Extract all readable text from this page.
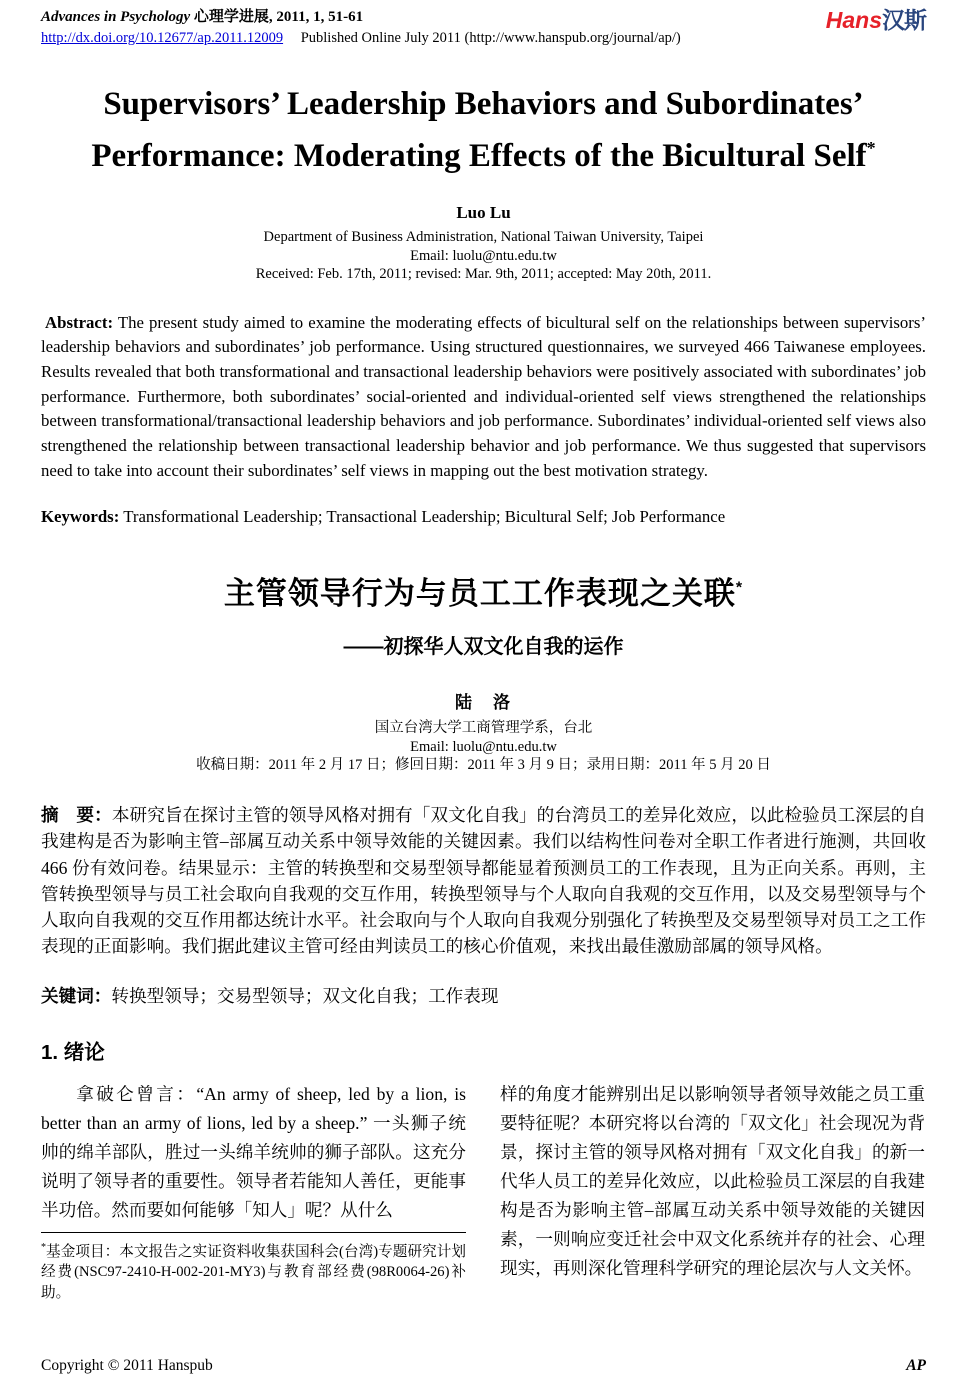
Advances in Psychology 心理学进展, 2011, 1, 51-61
http://dx.doi.org/10.12677/ap.2011.12009 Published Online July 2011 (http://www.hanspub.org/journal/ap/)
Hans汉斯
Supervisors’ Leadership Behaviors and Subordinates’ Performance: Moderating Effects of the Bicultural Self*
Luo Lu
Department of Business Administration, National Taiwan University, Taipei
Email: luolu@ntu.edu.tw
Received: Feb. 17th, 2011; revised: Mar. 9th, 2011; accepted: May 20th, 2011.

Abstract: The present study aimed to examine the moderating effects of bicultural self on the relationships between supervisors’ leadership behaviors and subordinates’ job performance. Using structured questionnaires, we surveyed 466 Taiwanese employees. Results revealed that both transformational and transactional leadership behaviors were positively associated with subordinates’ job performance. Furthermore, both subordinates’ social-oriented and individual-oriented self views strengthened the relationships between transformational/transactional leadership behaviors and job performance. Subordinates’ individual-oriented self views also strengthened the relationship between transactional leadership behavior and job performance. We thus suggested that supervisors need to take into account their subordinates’ self views in mapping out the best motivation strategy.

Keywords: Transformational Leadership; Transactional Leadership; Bicultural Self; Job Performance

主管领导行为与员工工作表现之关联*
——初探华人双文化自我的运作
陆　洛
国立台湾大学工商管理学系，台北
Email: luolu@ntu.edu.tw
收稿日期：2011 年 2 月 17 日；修回日期：2011 年 3 月 9 日；录用日期：2011 年 5 月 20 日

摘　要：本研究旨在探讨主管的领导风格对拥有「双文化自我」的台湾员工的差异化效应，以此检验员工深层的自我建构是否为影响主管–部属互动关系中领导效能的关键因素。我们以结构性问卷对全职工作者进行施测，共回收 466 份有效问卷。结果显示：主管的转换型和交易型领导都能显着预测员工的工作表现，且为正向关系。再则，主管转换型领导与员工社会取向自我观的交互作用，转换型领导与个人取向自我观的交互作用，以及交易型领导与个人取向自我观的交互作用都达统计水平。社会取向与个人取向自我观分别强化了转换型及交易型领导对员工之工作表现的正面影响。我们据此建议主管可经由判读员工的核心价值观，来找出最佳激励部属的领导风格。

关键词：转换型领导；交易型领导；双文化自我；工作表现

1. 绪论

拿破仑曾言：“An army of sheep, led by a lion, is better than an army of lions, led by a sheep.” 一头狮子统帅的绵羊部队，胜过一头绵羊统帅的狮子部队。这充分说明了领导者的重要性。领导者若能知人善任，更能事半功倍。然而要如何能够「知人」呢？从什么

*基金项目：本文报告之实证资料收集获国科会(台湾)专题研究计划经费(NSC97-2410-H-002-201-MY3)与教育部经费(98R0064-26)补助。

样的角度才能辨别出足以影响领导者领导效能之员工重要特征呢？本研究将以台湾的「双文化」社会现况为背景，探讨主管的领导风格对拥有「双文化自我」的新一代华人员工的差异化效应，以此检验员工深层的自我建构是否为影响主管–部属互动关系中领导效能的关键因素，一则响应变迁社会中双文化系统并存的社会、心理现实，再则深化管理科学研究的理论层次与人文关怀。

Copyright © 2011 Hanspub	AP
